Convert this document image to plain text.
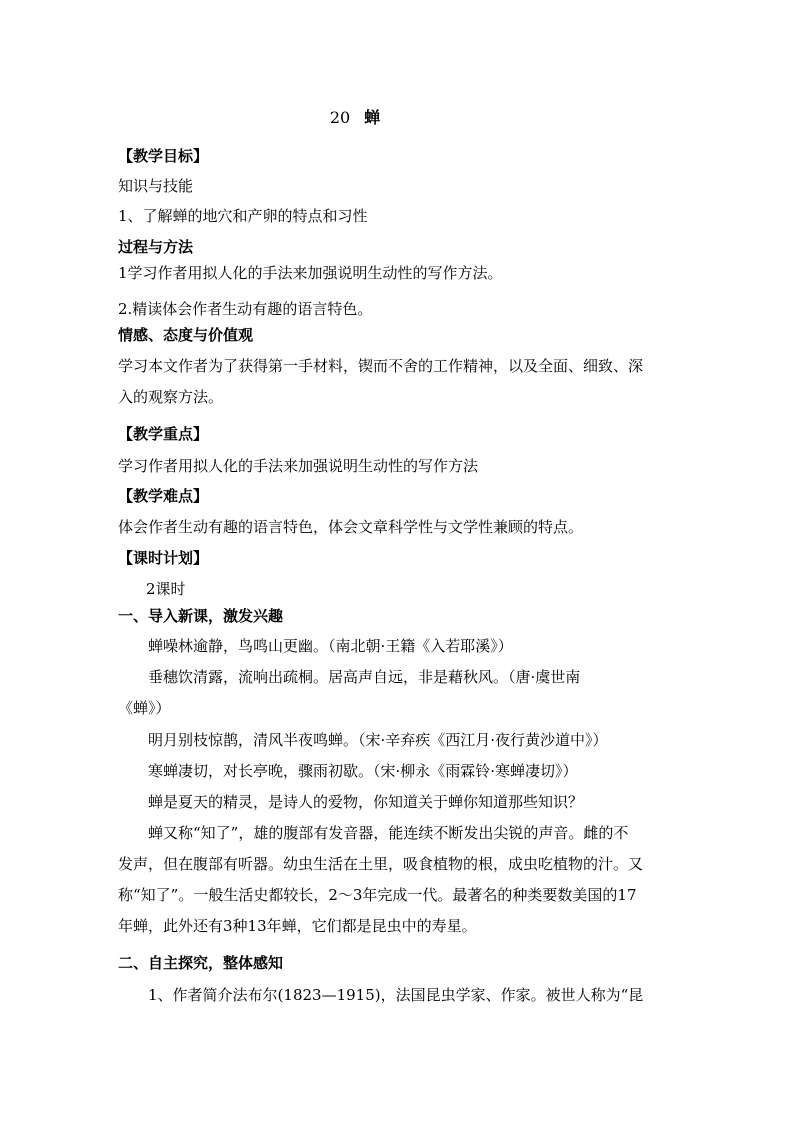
20 蝉
【教学目标】
知识与技能
1、了解蝉的地穴和产卵的特点和习性
过程与方法
1学习作者用拟人化的手法来加强说明生动性的写作方法。
2.精读体会作者生动有趣的语言特色。
情感、态度与价值观
学习本文作者为了获得第一手材料，锲而不舍的工作精神，以及全面、细致、深
入的观察方法。
【教学重点】
学习作者用拟人化的手法来加强说明生动性的写作方法
【教学难点】
体会作者生动有趣的语言特色，体会文章科学性与文学性兼顾的特点。
【课时计划】
2课时
一、导入新课，激发兴趣
蝉噪林逾静，鸟鸣山更幽。（南北朝·王籍《入若耶溪》）
垂穗饮清露，流响出疏桐。居高声自远，非是藉秋风。（唐·虞世南
《蝉》）
明月别枝惊鹊，清风半夜鸣蝉。（宋·辛弃疾《西江月·夜行黄沙道中》）
寒蝉凄切，对长亭晚，骤雨初歇。（宋·柳永《雨霖铃·寒蝉凄切》）
蝉是夏天的精灵，是诗人的爱物，你知道关于蝉你知道那些知识？
蝉又称“知了”，雄的腹部有发音器，能连续不断发出尖锐的声音。雌的不
发声，但在腹部有听器。幼虫生活在土里，吸食植物的根，成虫吃植物的汁。又
称“知了”。一般生活史都较长，2～3年完成一代。最著名的种类要数美国的17
年蝉，此外还有3种13年蝉，它们都是昆虫中的寿星。
二、自主探究，整体感知
1、作者简介法布尔(1823—1915)，法国昆虫学家、作家。被世人称为“昆
